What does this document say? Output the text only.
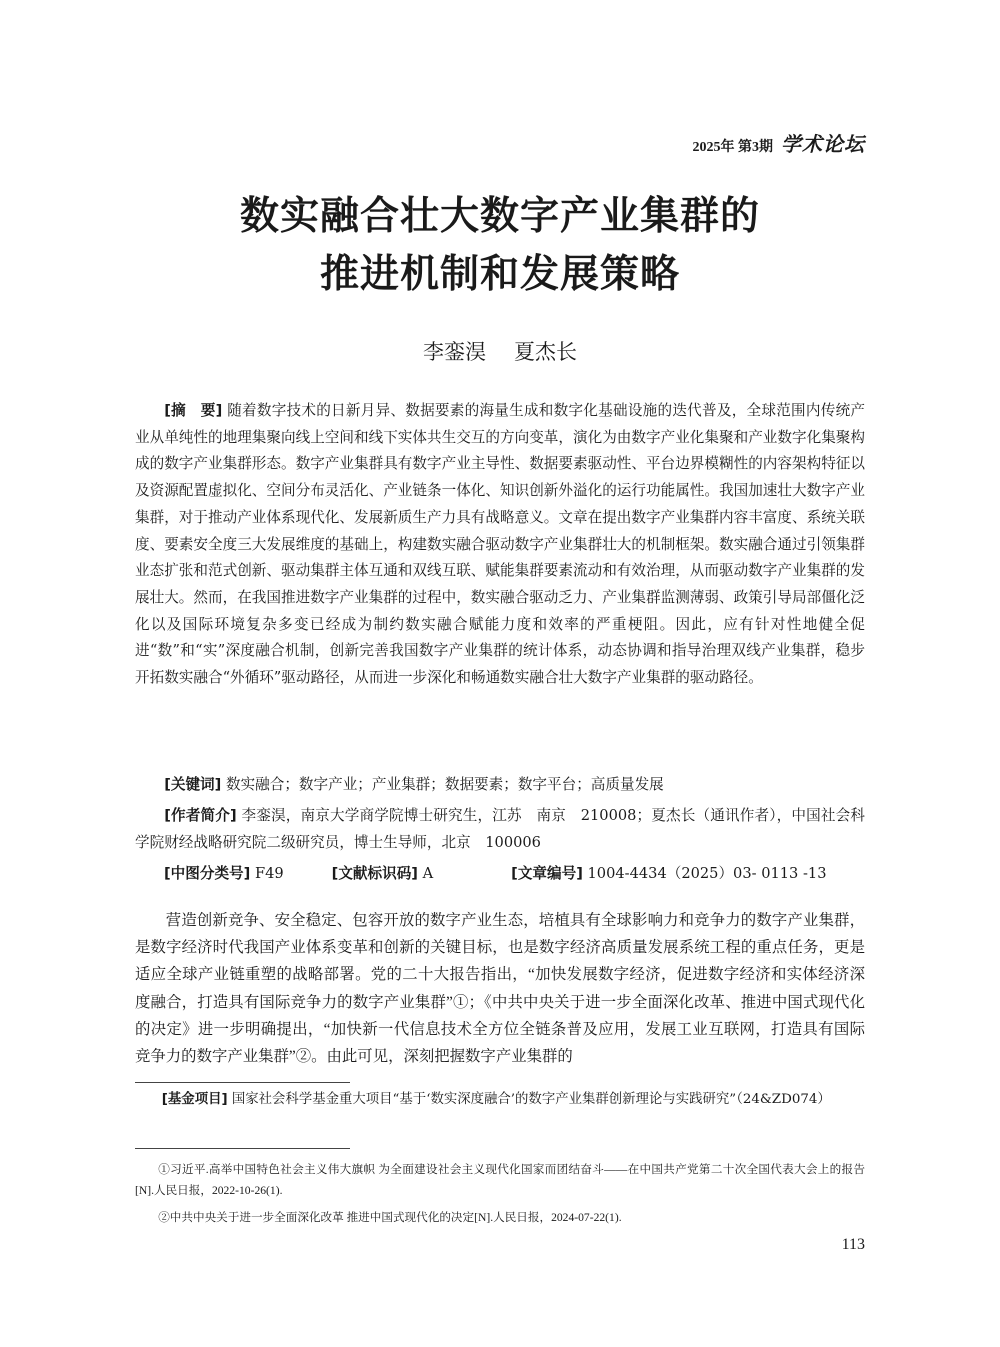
2025年 第3期 学术论坛
数实融合壮大数字产业集群的
推进机制和发展策略
李銮淏 夏杰长
[摘　要] 随着数字技术的日新月异、数据要素的海量生成和数字化基础设施的迭代普及，全球范围内传统产业从单纯性的地理集聚向线上空间和线下实体共生交互的方向变革，演化为由数字产业化集聚和产业数字化集聚构成的数字产业集群形态。数字产业集群具有数字产业主导性、数据要素驱动性、平台边界模糊性的内容架构特征以及资源配置虚拟化、空间分布灵活化、产业链条一体化、知识创新外溢化的运行功能属性。我国加速壮大数字产业集群，对于推动产业体系现代化、发展新质生产力具有战略意义。文章在提出数字产业集群内容丰富度、系统关联度、要素安全度三大发展维度的基础上，构建数实融合驱动数字产业集群壮大的机制框架。数实融合通过引领集群业态扩张和范式创新、驱动集群主体互通和双线互联、赋能集群要素流动和有效治理，从而驱动数字产业集群的发展壮大。然而，在我国推进数字产业集群的过程中，数实融合驱动乏力、产业集群监测薄弱、政策引导局部僵化泛化以及国际环境复杂多变已经成为制约数实融合赋能力度和效率的严重梗阻。因此，应有针对性地健全促进“数”和“实”深度融合机制，创新完善我国数字产业集群的统计体系，动态协调和指导治理双线产业集群，稳步开拓数实融合“外循环”驱动路径，从而进一步深化和畅通数实融合壮大数字产业集群的驱动路径。
[关键词] 数实融合；数字产业；产业集群；数据要素；数字平台；高质量发展
[作者简介] 李銮淏，南京大学商学院博士研究生，江苏　南京　210008；夏杰长（通讯作者），中国社会科学院财经战略研究院二级研究员，博士生导师，北京　100006
[中图分类号] F49	[文献标识码] A	[文章编号] 1004-4434（2025）03- 0113 -13
营造创新竞争、安全稳定、包容开放的数字产业生态，培植具有全球影响力和竞争力的数字产业集群，是数字经济时代我国产业体系变革和创新的关键目标，也是数字经济高质量发展系统工程的重点任务，更是适应全球产业链重塑的战略部署。党的二十大报告指出，“加快发展数字经济，促进数字经济和实体经济深度融合，打造具有国际竞争力的数字产业集群”①；《中共中央关于进一步全面深化改革、推进中国式现代化的决定》进一步明确提出，“加快新一代信息技术全方位全链条普及应用，发展工业互联网，打造具有国际竞争力的数字产业集群”②。由此可见，深刻把握数字产业集群的
[基金项目] 国家社会科学基金重大项目“基于‘数实深度融合’的数字产业集群创新理论与实践研究”（24&ZD074）
①习近平.高举中国特色社会主义伟大旗帜 为全面建设社会主义现代化国家而团结奋斗——在中国共产党第二十次全国代表大会上的报告[N].人民日报，2022-10-26(1).
②中共中央关于进一步全面深化改革 推进中国式现代化的决定[N].人民日报，2024-07-22(1).
113
